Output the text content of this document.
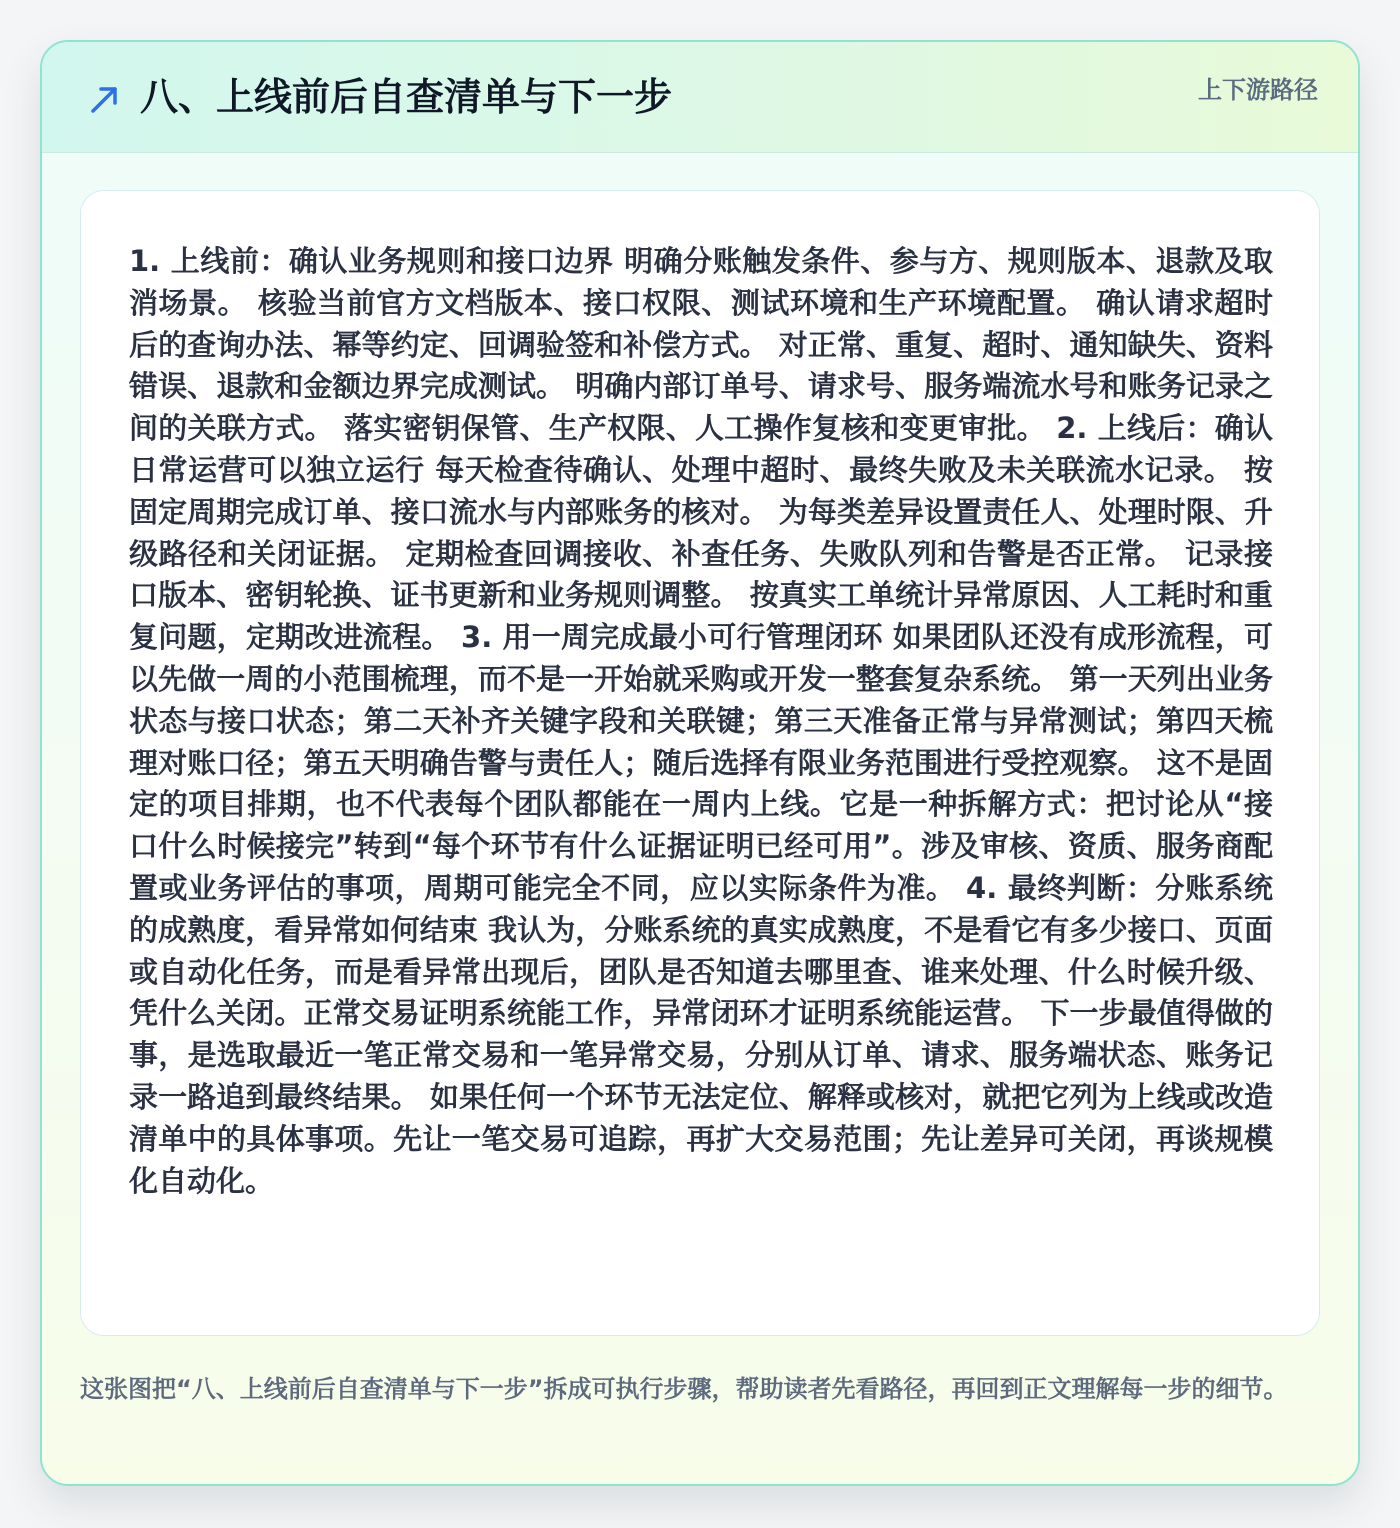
八、上线前后自查清单与下一步	上下游路径

1. 上线前：确认业务规则和接口边界 明确分账触发条件、参与方、规则版本、退款及取消场景。 核验当前官方文档版本、接口权限、测试环境和生产环境配置。 确认请求超时后的查询办法、幂等约定、回调验签和补偿方式。 对正常、重复、超时、通知缺失、资料错误、退款和金额边界完成测试。 明确内部订单号、请求号、服务端流水号和账务记录之间的关联方式。 落实密钥保管、生产权限、人工操作复核和变更审批。 2. 上线后：确认日常运营可以独立运行 每天检查待确认、处理中超时、最终失败及未关联流水记录。 按固定周期完成订单、接口流水与内部账务的核对。 为每类差异设置责任人、处理时限、升级路径和关闭证据。 定期检查回调接收、补查任务、失败队列和告警是否正常。 记录接口版本、密钥轮换、证书更新和业务规则调整。 按真实工单统计异常原因、人工耗时和重复问题，定期改进流程。 3. 用一周完成最小可行管理闭环 如果团队还没有成形流程，可以先做一周的小范围梳理，而不是一开始就采购或开发一整套复杂系统。 第一天列出业务状态与接口状态；第二天补齐关键字段和关联键；第三天准备正常与异常测试；第四天梳理对账口径；第五天明确告警与责任人；随后选择有限业务范围进行受控观察。 这不是固定的项目排期，也不代表每个团队都能在一周内上线。它是一种拆解方式：把讨论从“接口什么时候接完”转到“每个环节有什么证据证明已经可用”。涉及审核、资质、服务商配置或业务评估的事项，周期可能完全不同，应以实际条件为准。 4. 最终判断：分账系统的成熟度，看异常如何结束 我认为，分账系统的真实成熟度，不是看它有多少接口、页面或自动化任务，而是看异常出现后，团队是否知道去哪里查、谁来处理、什么时候升级、凭什么关闭。正常交易证明系统能工作，异常闭环才证明系统能运营。 下一步最值得做的事，是选取最近一笔正常交易和一笔异常交易，分别从订单、请求、服务端状态、账务记录一路追到最终结果。 如果任何一个环节无法定位、解释或核对，就把它列为上线或改造清单中的具体事项。先让一笔交易可追踪，再扩大交易范围；先让差异可关闭，再谈规模化自动化。

这张图把“八、上线前后自查清单与下一步”拆成可执行步骤，帮助读者先看路径，再回到正文理解每一步的细节。
